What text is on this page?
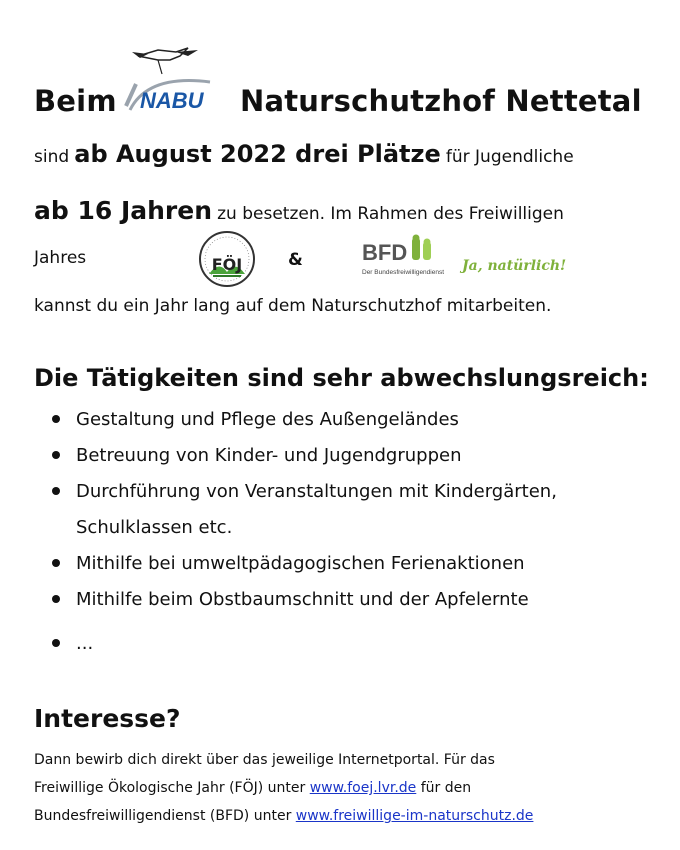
Beim NABU Naturschutzhof Nettetal
sind ab August 2022 drei Plätze für Jugendliche
ab 16 Jahren zu besetzen. Im Rahmen des Freiwilligen
Jahres	FÖJ	&	BFD
Der Bundesfreiwilligendienst Ja, natürlich!
kannst du ein Jahr lang auf dem Naturschutzhof mitarbeiten.
Die Tätigkeiten sind sehr abwechslungsreich:
Gestaltung und Pflege des Außengeländes
Betreuung von Kinder- und Jugendgruppen
Durchführung von Veranstaltungen mit Kindergärten,
Schulklassen etc.
Mithilfe bei umweltpädagogischen Ferienaktionen
Mithilfe beim Obstbaumschnitt und der Apfelernte
...
Interesse?
Dann bewirb dich direkt über das jeweilige Internetportal. Für das
Freiwillige Ökologische Jahr (FÖJ) unter www.foej.lvr.de für den
Bundesfreiwilligendienst (BFD) unter www.freiwillige-im-naturschutz.de
